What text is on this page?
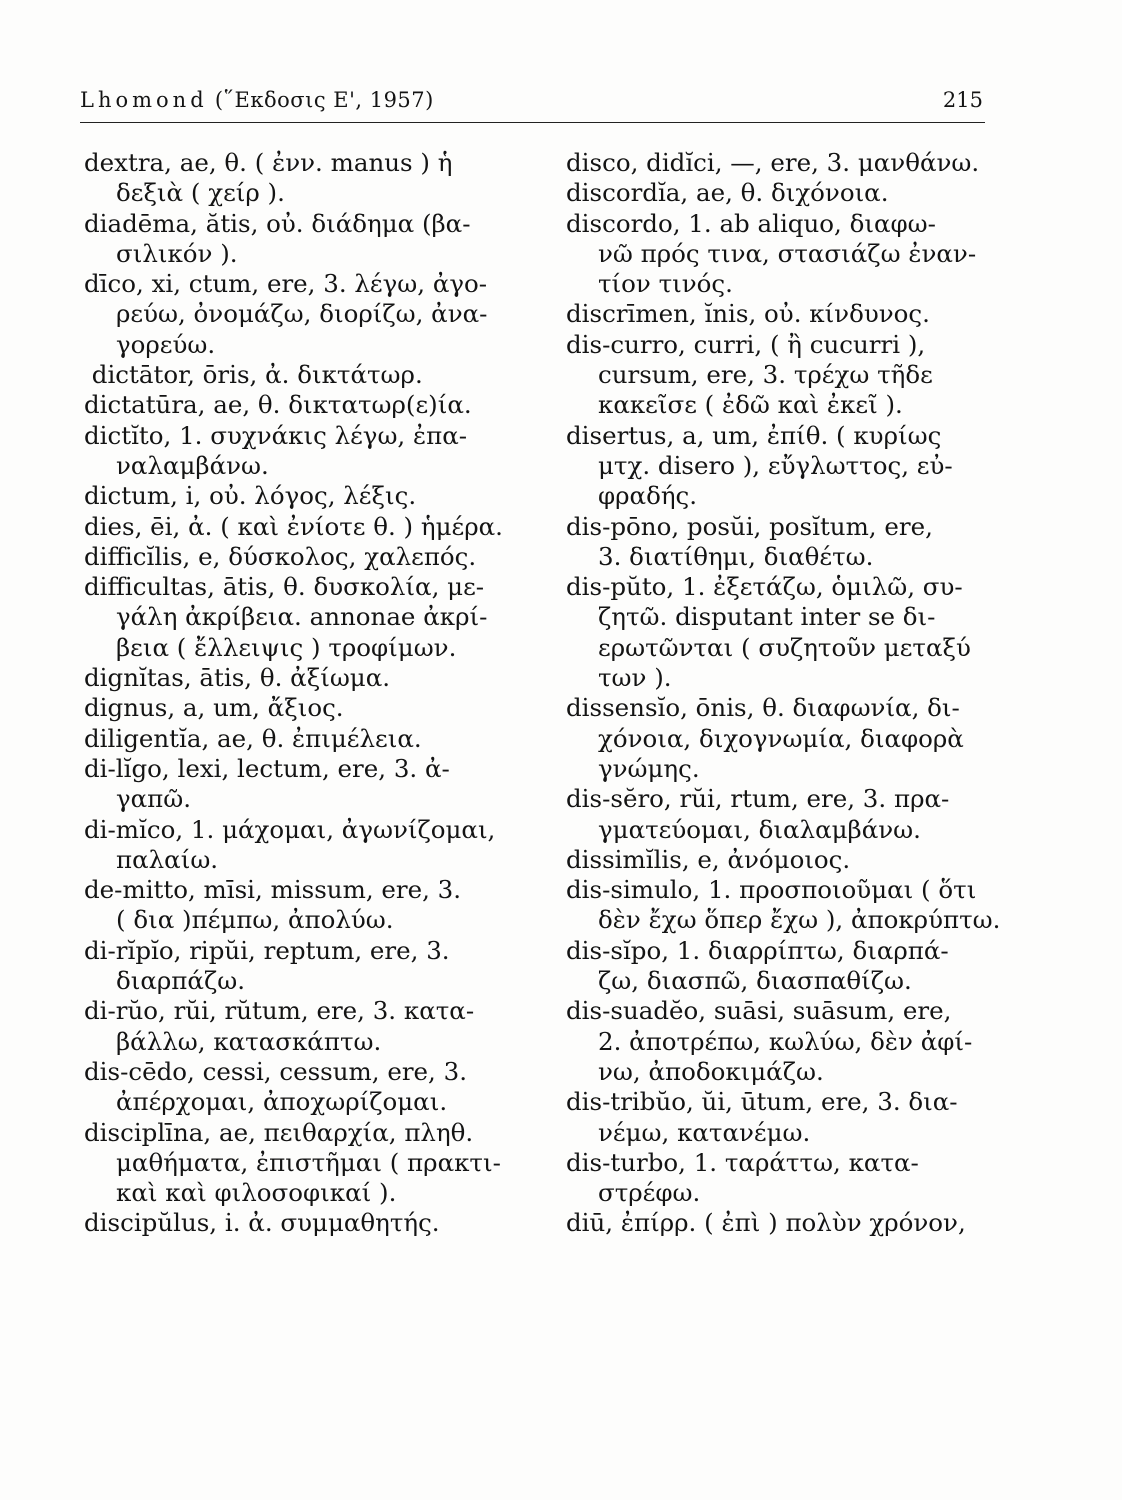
Lhomond (῞Εκδοσις Ε', 1957)	215
dextra, ae, θ. ( ἐνν. manus ) ἡ
δεξιὰ ( χείρ ).
diadēma, ătis, οὐ. διάδημα (βα-
σιλικόν ).
dīco, xi, ctum, ere, 3. λέγω, ἀγο-
ρεύω, ὀνομάζω, διορίζω, ἀνα-
γορεύω.
dictātor, ōris, ἀ. δικτάτωρ.
dictatūra, ae, θ. δικτατωρ(ε)ία.
dictĭto, 1. συχνάκις λέγω, ἐπα-
ναλαμβάνω.
dictum, i, οὐ. λόγος, λέξις.
dies, ēi, ἀ. ( καὶ ἐνίοτε θ. ) ἡμέρα.
difficĭlis, e, δύσκολος, χαλεπός.
difficultas, ātis, θ. δυσκολία, με-
γάλη ἀκρίβεια. annonae ἀκρί-
βεια ( ἔλλειψις ) τροφίμων.
dignĭtas, ātis, θ. ἀξίωμα.
dignus, a, um, ἄξιος.
diligentĭa, ae, θ. ἐπιμέλεια.
di-lĭgo, lexi, lectum, ere, 3. ἀ-
γαπῶ.
di-mĭco, 1. μάχομαι, ἀγωνίζομαι,
παλαίω.
de-mitto, mīsi, missum, ere, 3.
( δια )πέμπω, ἀπολύω.
di-rĭpĭo, ripŭi, reptum, ere, 3.
διαρπάζω.
di-rŭo, rŭi, rŭtum, ere, 3. κατα-
βάλλω, κατασκάπτω.
dis-cēdo, cessi, cessum, ere, 3.
ἀπέρχομαι, ἀποχωρίζομαι.
disciplīna, ae, πειθαρχία, πληθ.
μαθήματα, ἐπιστῆμαι ( πρακτι-
καὶ καὶ φιλοσοφικαί ).
discipŭlus, i. ἀ. συμμαθητής.
disco, didĭci, —, ere, 3. μανθάνω.
discordĭa, ae, θ. διχόνοια.
discordo, 1. ab aliquo, διαφω-
νῶ πρός τινα, στασιάζω ἐναν-
τίον τινός.
discrīmen, ĭnis, οὐ. κίνδυνος.
dis-curro, curri, ( ἢ cucurri ),
cursum, ere, 3. τρέχω τῆδε
κακεῖσε ( ἐδῶ καὶ ἐκεῖ ).
disertus, a, um, ἐπίθ. ( κυρίως
μτχ. disero ), εὔγλωττος, εὐ-
φραδής.
dis-pōno, posŭi, posĭtum, ere,
3. διατίθημι, διαθέτω.
dis-pŭto, 1. ἐξετάζω, ὁμιλῶ, συ-
ζητῶ. disputant inter se δι-
ερωτῶνται ( συζητοῦν μεταξύ
των ).
dissensĭo, ōnis, θ. διαφωνία, δι-
χόνοια, διχογνωμία, διαφορὰ
γνώμης.
dis-sĕro, rŭi, rtum, ere, 3. πρα-
γματεύομαι, διαλαμβάνω.
dissimĭlis, e, ἀνόμοιος.
dis-simulo, 1. προσποιοῦμαι ( ὅτι
δὲν ἔχω ὅπερ ἔχω ), ἀποκρύπτω.
dis-sĭpo, 1. διαρρίπτω, διαρπά-
ζω, διασπῶ, διασπαθίζω.
dis-suadĕo, suāsi, suāsum, ere,
2. ἀποτρέπω, κωλύω, δὲν ἀφί-
νω, ἀποδοκιμάζω.
dis-tribŭo, ŭi, ūtum, ere, 3. δια-
νέμω, κατανέμω.
dis-turbo, 1. ταράττω, κατα-
στρέφω.
diū, ἐπίρρ. ( ἐπὶ ) πολὺν χρόνον,
